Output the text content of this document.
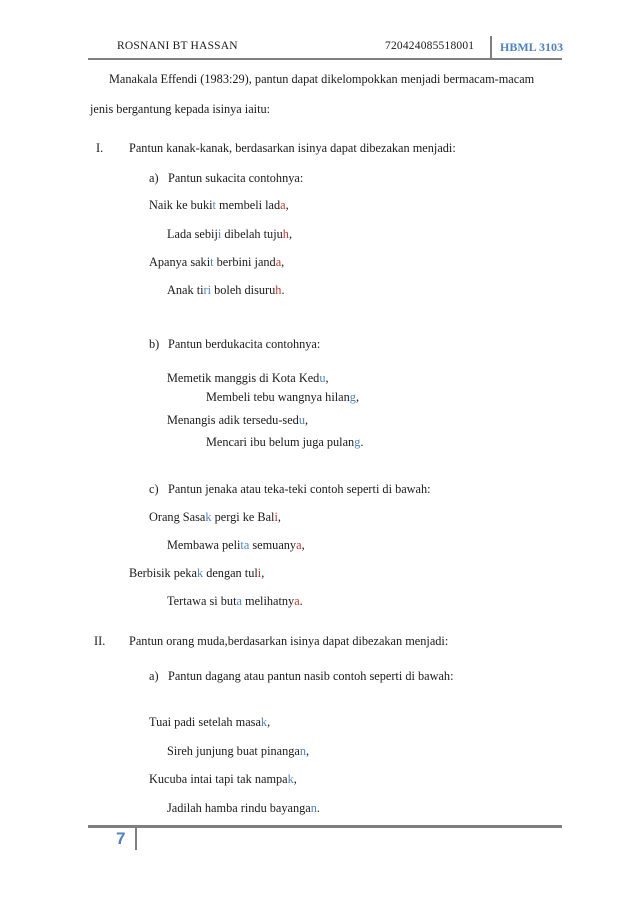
ROSNANI BT HASSAN	720424085518001 HBML 3103
Manakala Effendi (1983:29), pantun dapat dikelompokkan menjadi bermacam-macam
jenis bergantung kepada isinya iaitu:
I. Pantun kanak-kanak, berdasarkan isinya dapat dibezakan menjadi:
a) Pantun sukacita contohnya:
Naik ke bukit membeli lada,
Lada sebiji dibelah tujuh,
Apanya sakit berbini janda,
Anak tiri boleh disuruh.
b) Pantun berdukacita contohnya:
Memetik manggis di Kota Kedu,
Membeli tebu wangnya hilang,
Menangis adik tersedu-sedu,
Mencari ibu belum juga pulang.
c) Pantun jenaka atau teka-teki contoh seperti di bawah:
Orang Sasak pergi ke Bali,
Membawa pelita semuanya,
Berbisik pekak dengan tuli,
Tertawa si buta melihatnya.
II. Pantun orang muda,berdasarkan isinya dapat dibezakan menjadi:
a) Pantun dagang atau pantun nasib contoh seperti di bawah:
Tuai padi setelah masak,
Sireh junjung buat pinangan,
Kucuba intai tapi tak nampak,
Jadilah hamba rindu bayangan.
7
